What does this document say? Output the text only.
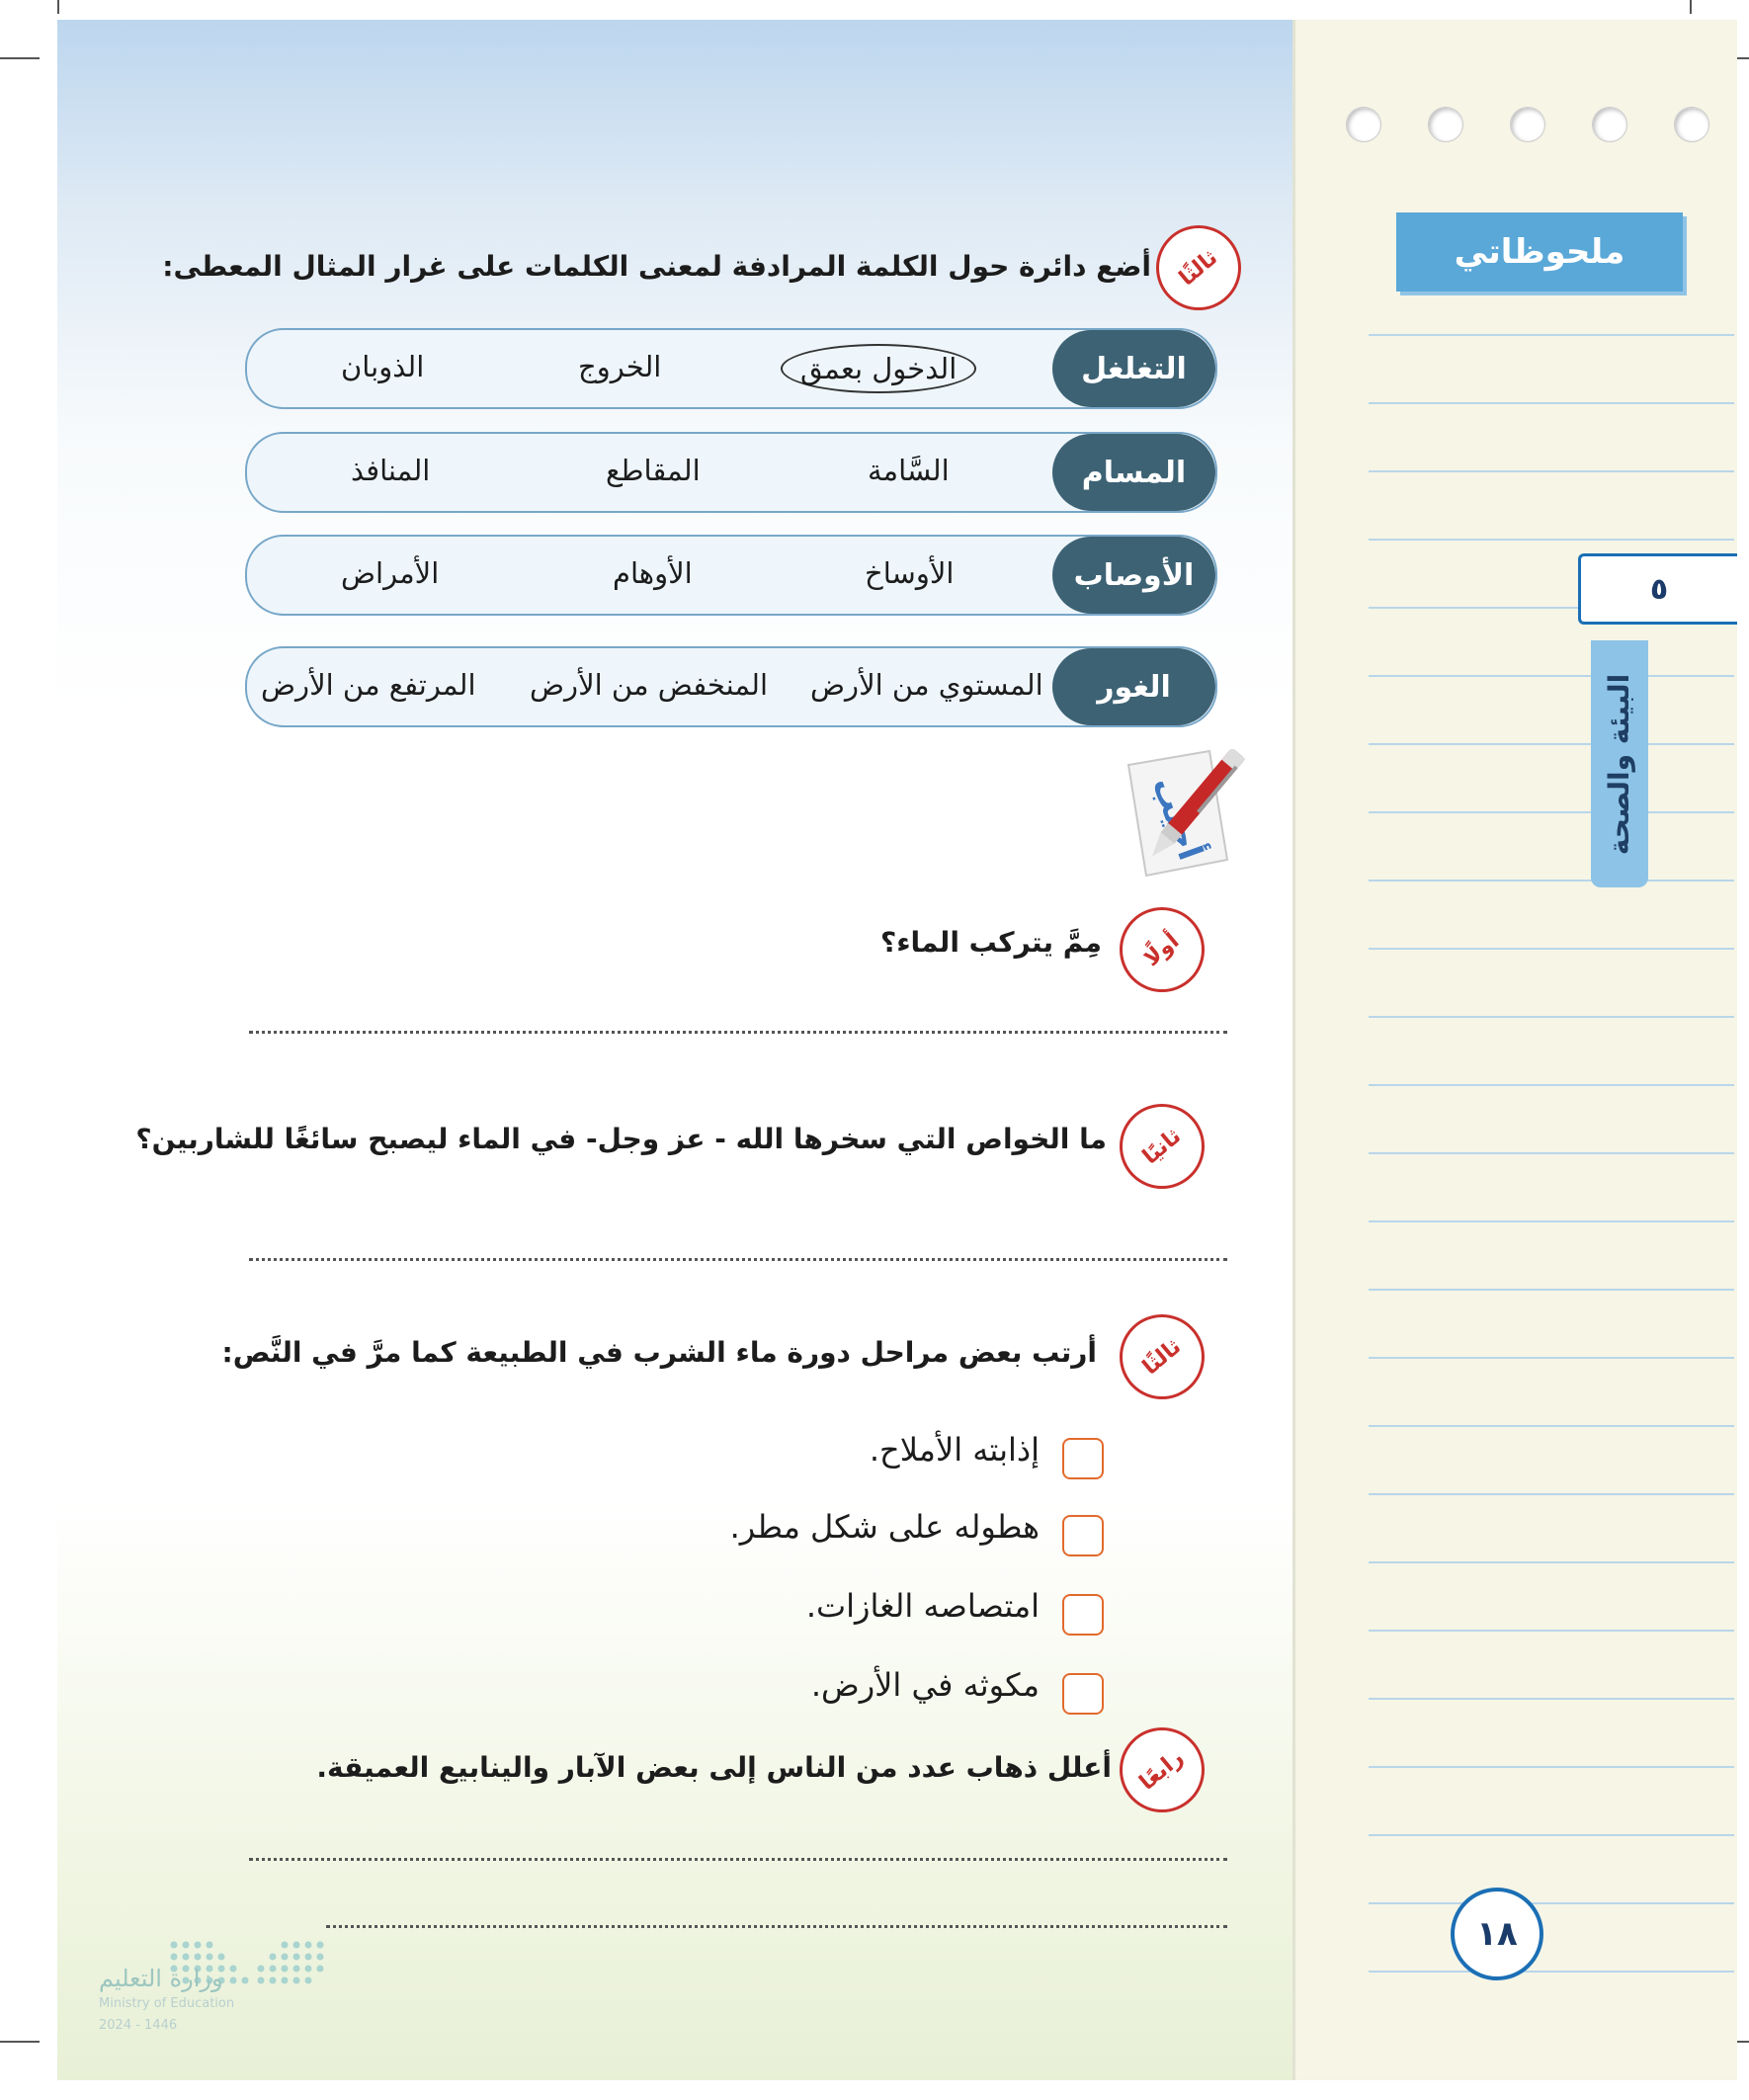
ملحوظاتي
٥
البيئة والصحة
١٨
ثالثًا
أضع دائرة حول الكلمة المرادفة لمعنى الكلمات على غرار المثال المعطى:
التغلغل
الدخول بعمق
الخروج
الذوبان
المسام
السَّامة
المقاطع
المنافذ
الأوصاب
الأوساخ
الأوهام
الأمراض
الغور
المستوي من الأرض
المنخفض من الأرض
المرتفع من الأرض
أولًا
مِمَّ يتركب الماء؟
ثانيًا
ما الخواص التي سخرها الله - عز وجل- في الماء ليصبح سائغًا للشاربين؟
ثالثًا
أرتب بعض مراحل دورة ماء الشرب في الطبيعة كما مرَّ في النَّص:
إذابته الأملاح.
هطوله على شكل مطر.
امتصاصه الغازات.
مكوثه في الأرض.
رابعًا
أعلل ذهاب عدد من الناس إلى بعض الآبار والينابيع العميقة.
وزارة التعليم
Ministry of Education
2024 - 1446
